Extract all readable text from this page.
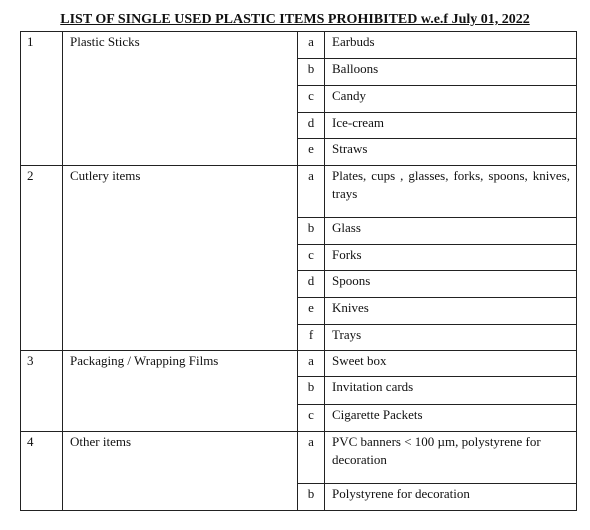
LIST OF SINGLE USED PLASTIC ITEMS PROHIBITED w.e.f July 01, 2022
1	Plastic Sticks	a	Earbuds
		b	Balloons
		c	Candy
		d	Ice-cream
		e	Straws
2	Cutlery items	a	Plates, cups , glasses, forks, spoons, knives, trays
		b	Glass
		c	Forks
		d	Spoons
		e	Knives
		f	Trays
3	Packaging / Wrapping Films	a	Sweet box
		b	Invitation cards
		c	Cigarette Packets
4	Other items	a	PVC banners < 100 µm, polystyrene for decoration
		b	Polystyrene for decoration
